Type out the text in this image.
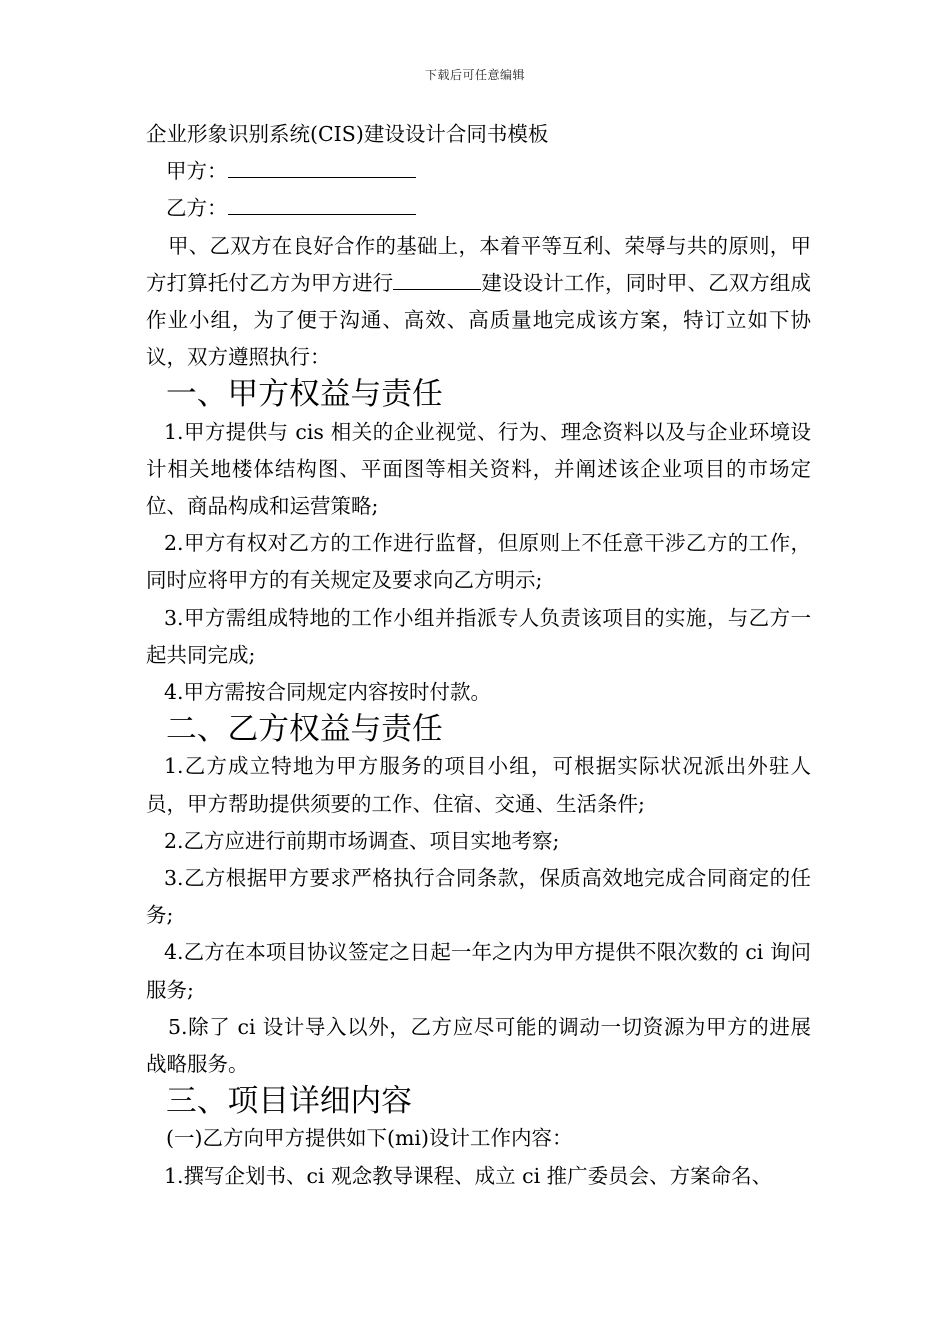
下载后可任意编辑
企业形象识别系统(CIS)建设设计合同书模板

甲方：

乙方：

甲、乙双方在良好合作的基础上，本着平等互利、荣辱与共的原则，甲方打算托付乙方为甲方进行	建设设计工作，同时甲、乙双方组成作业小组，为了便于沟通、高效、高质量地完成该方案，特订立如下协议，双方遵照执行：

一、甲方权益与责任

1.甲方提供与 cis 相关的企业视觉、行为、理念资料以及与企业环境设计相关地楼体结构图、平面图等相关资料，并阐述该企业项目的市场定位、商品构成和运营策略;

2.甲方有权对乙方的工作进行监督，但原则上不任意干涉乙方的工作，同时应将甲方的有关规定及要求向乙方明示;

3.甲方需组成特地的工作小组并指派专人负责该项目的实施，与乙方一起共同完成;

4.甲方需按合同规定内容按时付款。

二、乙方权益与责任

1.乙方成立特地为甲方服务的项目小组，可根据实际状况派出外驻人员，甲方帮助提供须要的工作、住宿、交通、生活条件;

2.乙方应进行前期市场调查、项目实地考察;

3.乙方根据甲方要求严格执行合同条款，保质高效地完成合同商定的任务;

4.乙方在本项目协议签定之日起一年之内为甲方提供不限次数的 ci 询问服务;

5.除了 ci 设计导入以外，乙方应尽可能的调动一切资源为甲方的进展战略服务。

三、项目详细内容

(一)乙方向甲方提供如下(mi)设计工作内容：

1.撰写企划书、ci 观念教导课程、成立 ci 推广委员会、方案命名、
